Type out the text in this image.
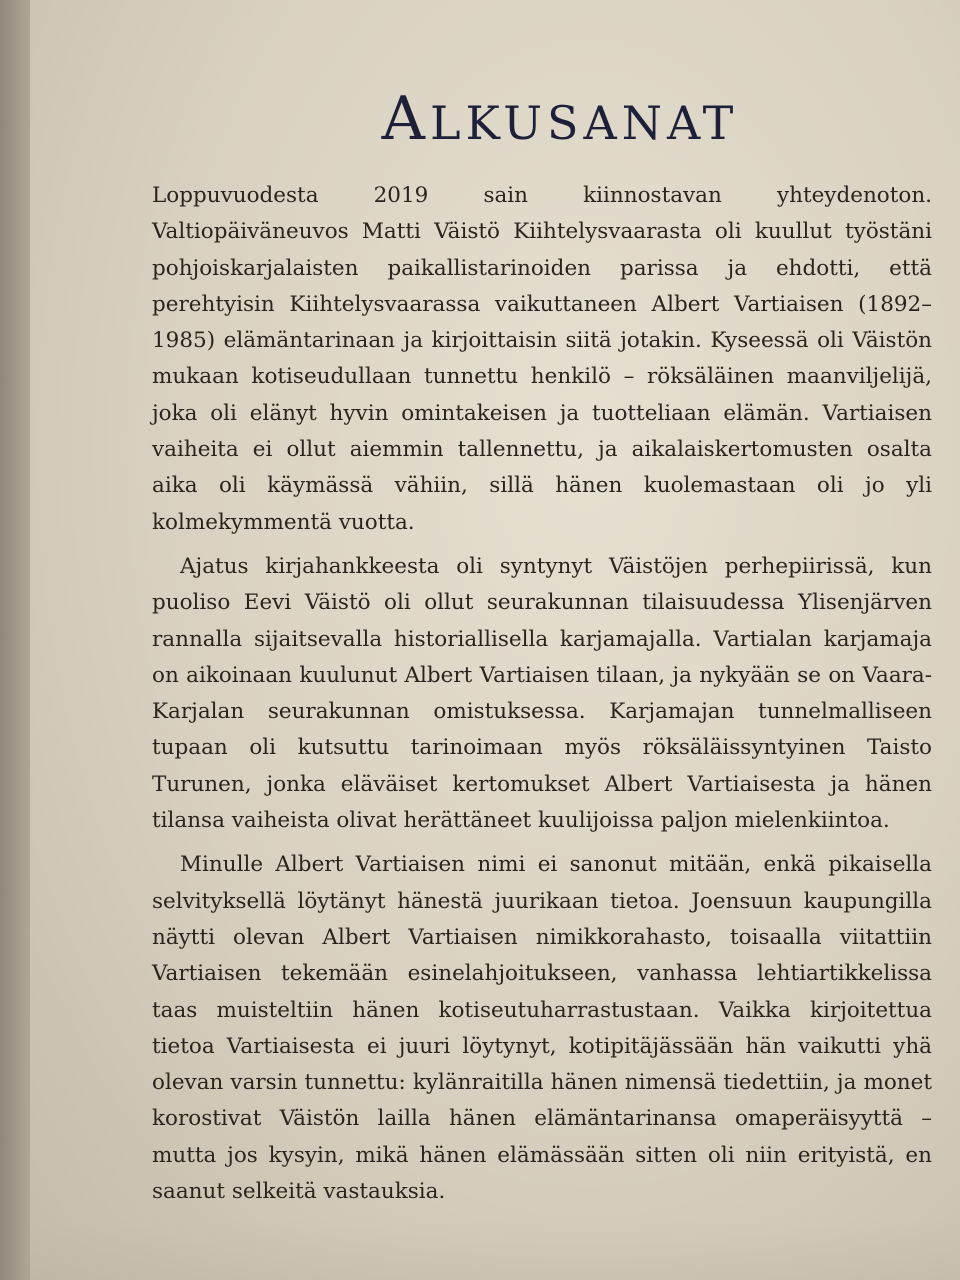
ALKUSANAT

Loppuvuodesta 2019 sain kiinnostavan yhteydenoton. Valtiopäiväneuvos Matti Väistö Kiihtelysvaarasta oli kuullut työstäni pohjoiskarjalaisten paikallistarinoiden parissa ja ehdotti, että perehtyisin Kiihtelysvaarassa vaikuttaneen Albert Vartiaisen (1892–1985) elämäntarinaan ja kirjoittaisin siitä jotakin. Kyseessä oli Väistön mukaan kotiseudullaan tunnettu henkilö – röksäläinen maanviljelijä, joka oli elänyt hyvin omintakeisen ja tuotteliaan elämän. Vartiaisen vaiheita ei ollut aiemmin tallennettu, ja aikalaiskertomusten osalta aika oli käymässä vähiin, sillä hänen kuolemastaan oli jo yli kolmekymmentä vuotta.

Ajatus kirjahankkeesta oli syntynyt Väistöjen perhepiirissä, kun puoliso Eevi Väistö oli ollut seurakunnan tilaisuudessa Ylisenjärven rannalla sijaitsevalla historiallisella karjamajalla. Vartialan karjamaja on aikoinaan kuulunut Albert Vartiaisen tilaan, ja nykyään se on Vaara-Karjalan seurakunnan omistuksessa. Karjamajan tunnelmalliseen tupaan oli kutsuttu tarinoimaan myös röksäläissyntyinen Taisto Turunen, jonka eläväiset kertomukset Albert Vartiaisesta ja hänen tilansa vaiheista olivat herättäneet kuulijoissa paljon mielenkiintoa.

Minulle Albert Vartiaisen nimi ei sanonut mitään, enkä pikaisella selvityksellä löytänyt hänestä juurikaan tietoa. Joensuun kaupungilla näytti olevan Albert Vartiaisen nimikkorahasto, toisaalla viitattiin Vartiaisen tekemään esinelahjoitukseen, vanhassa lehtiartikkelissa taas muisteltiin hänen kotiseutuharrastustaan. Vaikka kirjoitettua tietoa Vartiaisesta ei juuri löytynyt, kotipitäjässään hän vaikutti yhä olevan varsin tunnettu: kylänraitilla hänen nimensä tiedettiin, ja monet korostivat Väistön lailla hänen elämäntarinansa omaperäisyyttä – mutta jos kysyin, mikä hänen elämässään sitten oli niin erityistä, en saanut selkeitä vastauksia.
